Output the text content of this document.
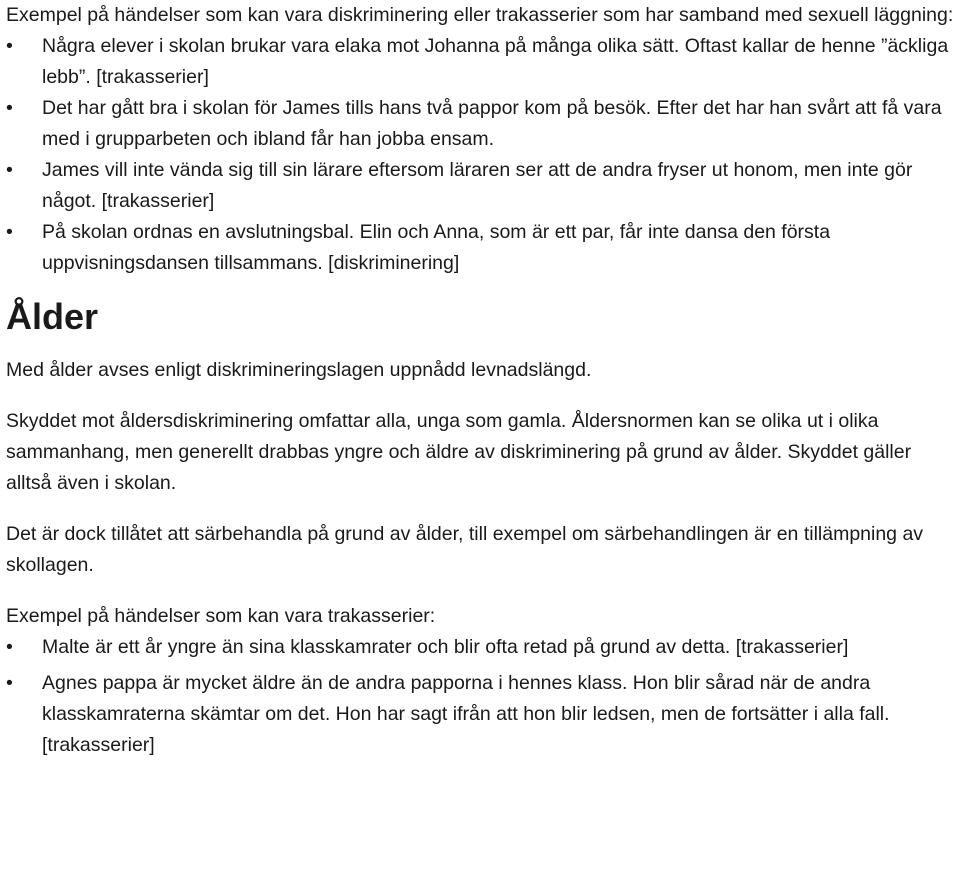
Exempel på händelser som kan vara diskriminering eller trakasserier som har samband med sexuell läggning:

•	Några elever i skolan brukar vara elaka mot Johanna på många olika sätt. Oftast kallar de henne ”äckliga lebb”. [trakasserier]
•	Det har gått bra i skolan för James tills hans två pappor kom på besök. Efter det har han svårt att få vara med i grupparbeten och ibland får han jobba ensam.
•	James vill inte vända sig till sin lärare eftersom läraren ser att de andra fryser ut honom, men inte gör något. [trakasserier]
•	På skolan ordnas en avslutningsbal. Elin och Anna, som är ett par, får inte dansa den första uppvisningsdansen tillsammans. [diskriminering]
Ålder

Med ålder avses enligt diskrimineringslagen uppnådd levnadslängd.

Skyddet mot åldersdiskriminering omfattar alla, unga som gamla. Åldersnormen kan se olika ut i olika sammanhang, men generellt drabbas yngre och äldre av diskriminering på grund av ålder. Skyddet gäller alltså även i skolan.

Det är dock tillåtet att särbehandla på grund av ålder, till exempel om särbehandlingen är en tillämpning av skollagen.

Exempel på händelser som kan vara trakasserier:

•	Malte är ett år yngre än sina klasskamrater och blir ofta retad på grund av detta. [trakasserier]
•	Agnes pappa är mycket äldre än de andra papporna i hennes klass. Hon blir sårad när de andra klasskamraterna skämtar om det. Hon har sagt ifrån att hon blir ledsen, men de fortsätter i alla fall. [trakasserier]
